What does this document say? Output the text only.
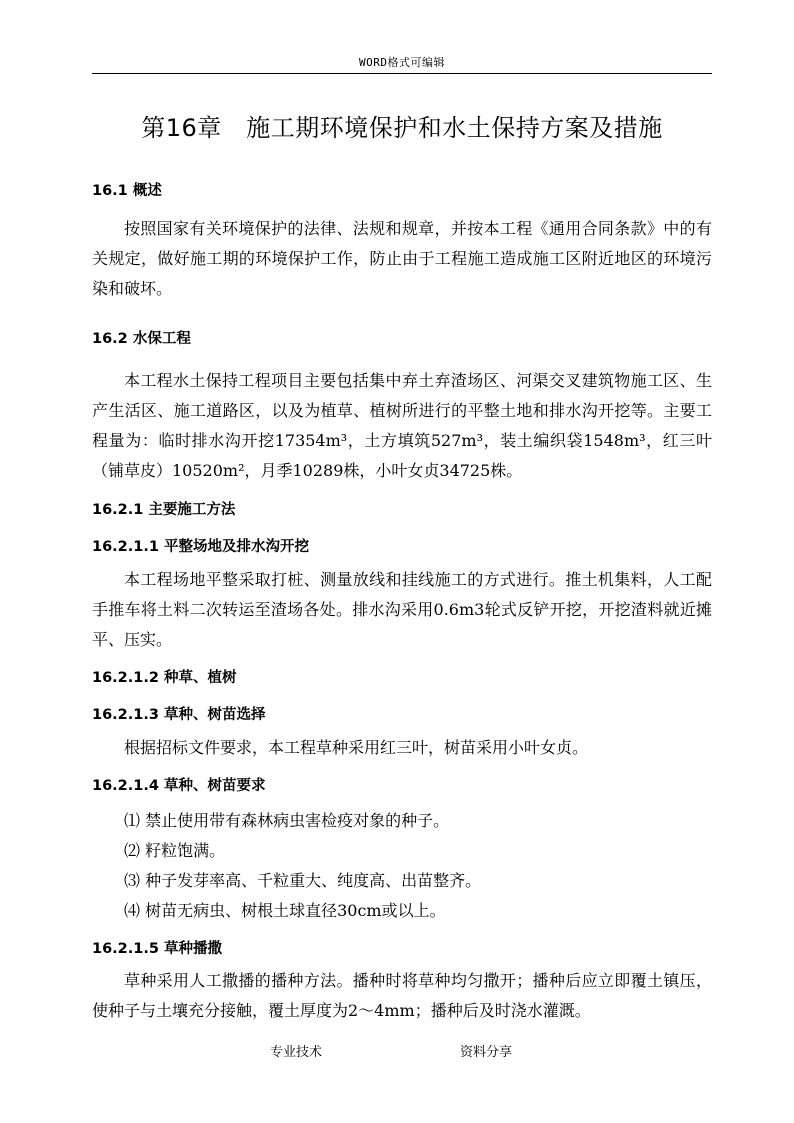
WORD格式可编辑
第16章　施工期环境保护和水土保持方案及措施
16.1 概述
按照国家有关环境保护的法律、法规和规章，并按本工程《通用合同条款》中的有关规定，做好施工期的环境保护工作，防止由于工程施工造成施工区附近地区的环境污染和破坏。
16.2 水保工程
本工程水土保持工程项目主要包括集中弃土弃渣场区、河渠交叉建筑物施工区、生产生活区、施工道路区，以及为植草、植树所进行的平整土地和排水沟开挖等。主要工程量为：临时排水沟开挖17354m³，土方填筑527m³，装土编织袋1548m³，红三叶（铺草皮）10520m²，月季10289株，小叶女贞34725株。
16.2.1 主要施工方法
16.2.1.1 平整场地及排水沟开挖
本工程场地平整采取打桩、测量放线和挂线施工的方式进行。推土机集料，人工配手推车将土料二次转运至渣场各处。排水沟采用0.6m3轮式反铲开挖，开挖渣料就近摊平、压实。
16.2.1.2 种草、植树
16.2.1.3 草种、树苗选择
根据招标文件要求，本工程草种采用红三叶，树苗采用小叶女贞。
16.2.1.4 草种、树苗要求
⑴ 禁止使用带有森林病虫害检疫对象的种子。
⑵ 籽粒饱满。
⑶ 种子发芽率高、千粒重大、纯度高、出苗整齐。
⑷ 树苗无病虫、树根土球直径30cm或以上。
16.2.1.5 草种播撒
草种采用人工撒播的播种方法。播种时将草种均匀撒开；播种后应立即覆土镇压，使种子与土壤充分接触，覆土厚度为2～4mm；播种后及时浇水灌溉。
专业技术	资料分享
